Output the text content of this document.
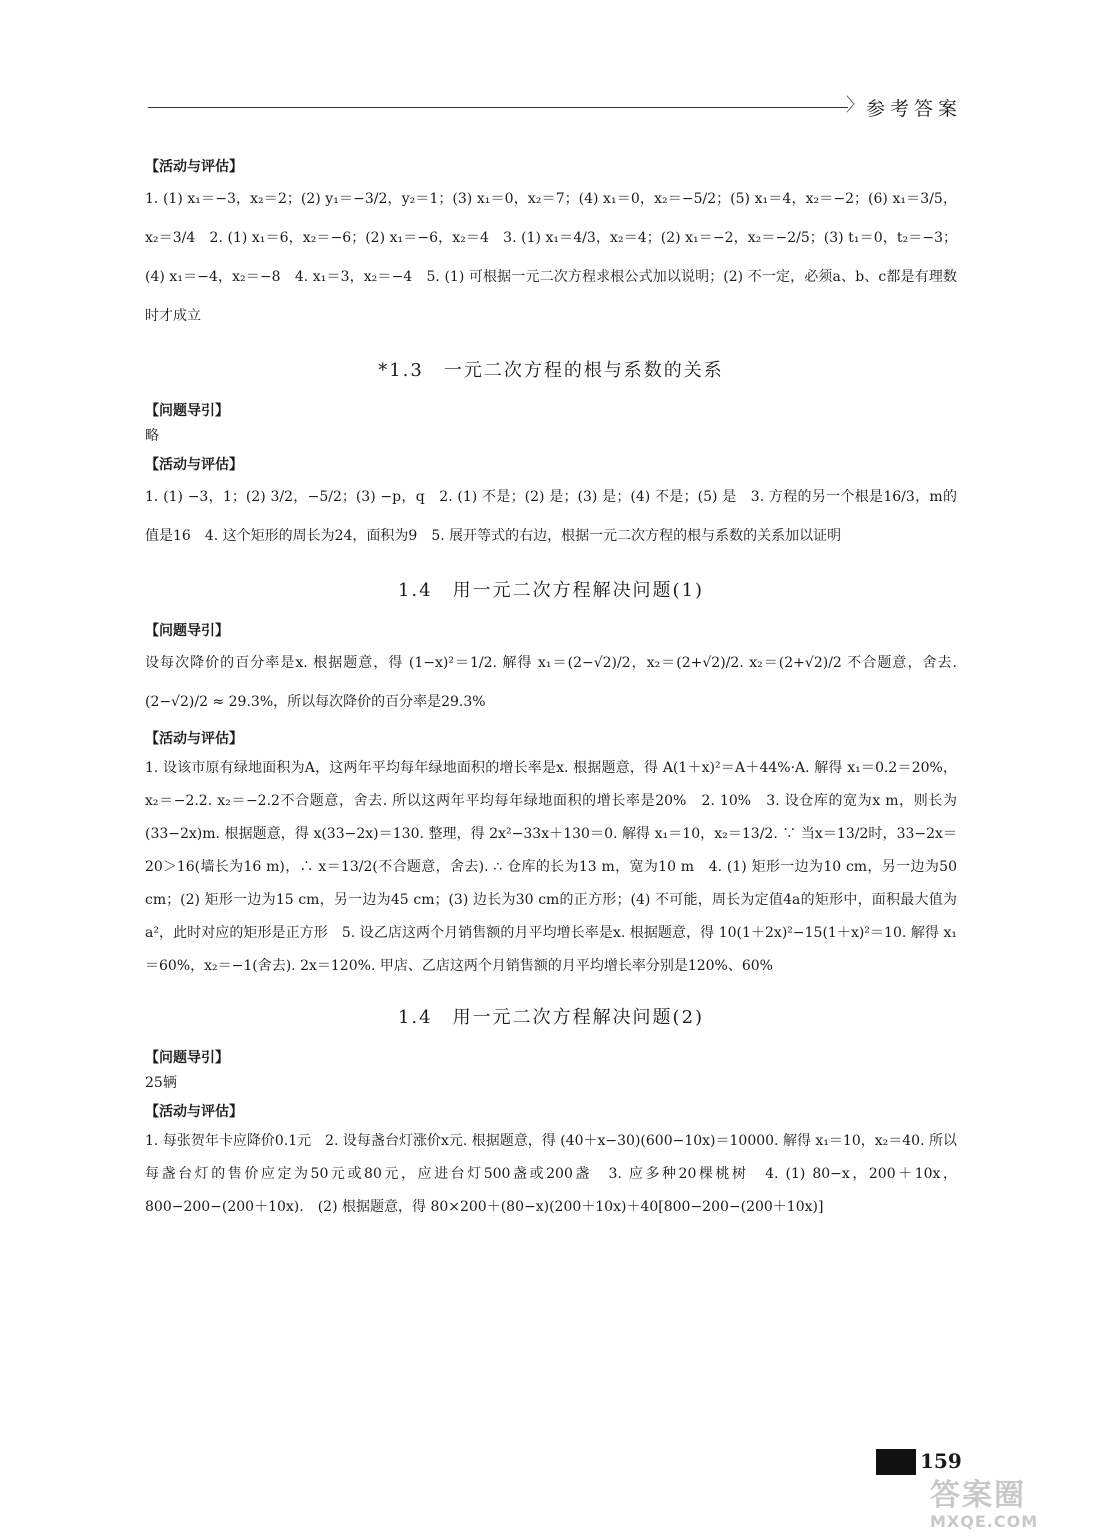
〉 参考答案
【活动与评估】

1. (1) x₁＝−3，x₂＝2；(2) y₁＝−3/2，y₂＝1；(3) x₁＝0，x₂＝7；(4) x₁＝0，x₂＝−5/2；(5) x₁＝4，x₂＝−2；(6) x₁＝3/5，x₂＝3/4　2. (1) x₁＝6，x₂＝−6；(2) x₁＝−6，x₂＝4　3. (1) x₁＝4/3，x₂＝4；(2) x₁＝−2，x₂＝−2/5；(3) t₁＝0，t₂＝−3；(4) x₁＝−4，x₂＝−8　4. x₁＝3，x₂＝−4　5. (1) 可根据一元二次方程求根公式加以说明；(2) 不一定，必须a、b、c都是有理数时才成立

*1.3　一元二次方程的根与系数的关系
【问题导引】

略

【活动与评估】

1. (1) −3，1；(2) 3/2，−5/2；(3) −p，q　2. (1) 不是；(2) 是；(3) 是；(4) 不是；(5) 是　3. 方程的另一个根是16/3，m的值是16　4. 这个矩形的周长为24，面积为9　5. 展开等式的右边，根据一元二次方程的根与系数的关系加以证明

1.4　用一元二次方程解决问题(1)
【问题导引】

设每次降价的百分率是x. 根据题意，得 (1−x)²＝1/2. 解得 x₁＝(2−√2)/2，x₂＝(2+√2)/2. x₂＝(2+√2)/2 不合题意，舍去. (2−√2)/2 ≈ 29.3%，所以每次降价的百分率是29.3%

【活动与评估】

1. 设该市原有绿地面积为A，这两年平均每年绿地面积的增长率是x. 根据题意，得 A(1＋x)²＝A＋44%·A. 解得 x₁＝0.2＝20%，x₂＝−2.2. x₂＝−2.2不合题意，舍去. 所以这两年平均每年绿地面积的增长率是20%　2. 10%　3. 设仓库的宽为x m，则长为(33−2x)m. 根据题意，得 x(33−2x)＝130. 整理，得 2x²−33x＋130＝0. 解得 x₁＝10，x₂＝13/2. ∵ 当x＝13/2时，33−2x＝20＞16(墙长为16 m)，∴ x＝13/2(不合题意，舍去). ∴ 仓库的长为13 m，宽为10 m　4. (1) 矩形一边为10 cm，另一边为50 cm；(2) 矩形一边为15 cm，另一边为45 cm；(3) 边长为30 cm的正方形；(4) 不可能，周长为定值4a的矩形中，面积最大值为a²，此时对应的矩形是正方形　5. 设乙店这两个月销售额的月平均增长率是x. 根据题意，得 10(1＋2x)²−15(1＋x)²＝10. 解得 x₁＝60%，x₂＝−1(舍去). 2x＝120%. 甲店、乙店这两个月销售额的月平均增长率分别是120%、60%

1.4　用一元二次方程解决问题(2)
【问题导引】

25辆

【活动与评估】

1. 每张贺年卡应降价0.1元　2. 设每盏台灯涨价x元. 根据题意，得 (40＋x−30)(600−10x)＝10000. 解得 x₁＝10，x₂＝40. 所以每盏台灯的售价应定为50元或80元，应进台灯500盏或200盏　3. 应多种20棵桃树　4. (1) 80−x，200＋10x，800−200−(200＋10x).　(2) 根据题意，得 80×200＋(80−x)(200＋10x)＋40[800−200−(200＋10x)]

159
答案圈
MXQE.COM
